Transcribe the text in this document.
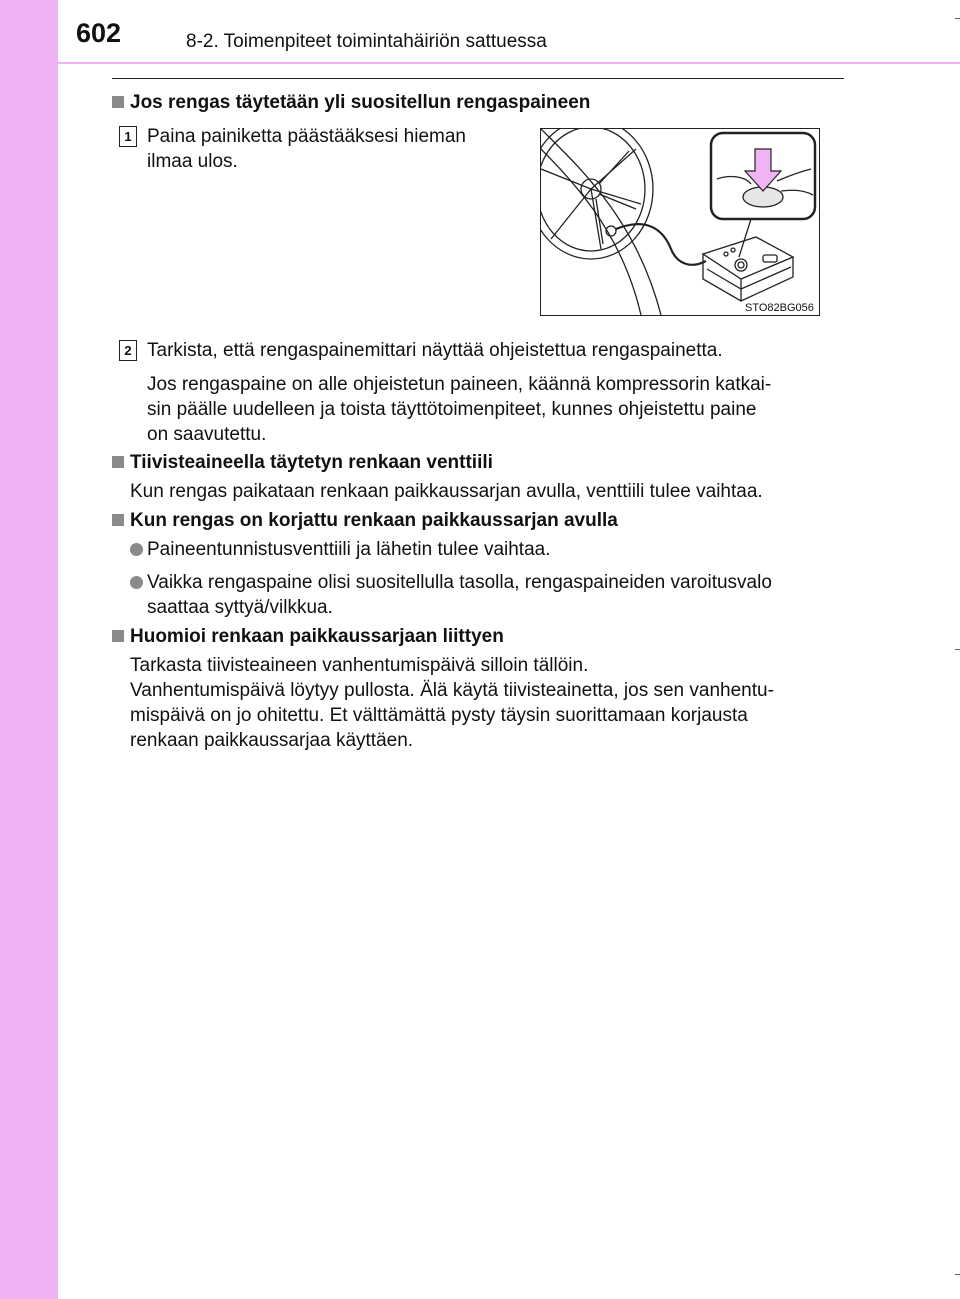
602	8-2. Toimenpiteet toimintahäiriön sattuessa
Jos rengas täytetään yli suositellun rengaspaineen
1 Paina painiketta päästääksesi hieman
ilmaa ulos.
STO82BG056
2 Tarkista, että rengaspainemittari näyttää ohjeistettua rengaspainetta.
Jos rengaspaine on alle ohjeistetun paineen, käännä kompressorin katkai-
sin päälle uudelleen ja toista täyttötoimenpiteet, kunnes ohjeistettu paine
on saavutettu.
Tiivisteaineella täytetyn renkaan venttiili
Kun rengas paikataan renkaan paikkaussarjan avulla, venttiili tulee vaihtaa.
Kun rengas on korjattu renkaan paikkaussarjan avulla
Paineentunnistusventtiili ja lähetin tulee vaihtaa.
Vaikka rengaspaine olisi suositellulla tasolla, rengaspaineiden varoitusvalo
saattaa syttyä/vilkkua.
Huomioi renkaan paikkaussarjaan liittyen
Tarkasta tiivisteaineen vanhentumispäivä silloin tällöin.
Vanhentumispäivä löytyy pullosta. Älä käytä tiivisteainetta, jos sen vanhentu-
mispäivä on jo ohitettu. Et välttämättä pysty täysin suorittamaan korjausta
renkaan paikkaussarjaa käyttäen.
